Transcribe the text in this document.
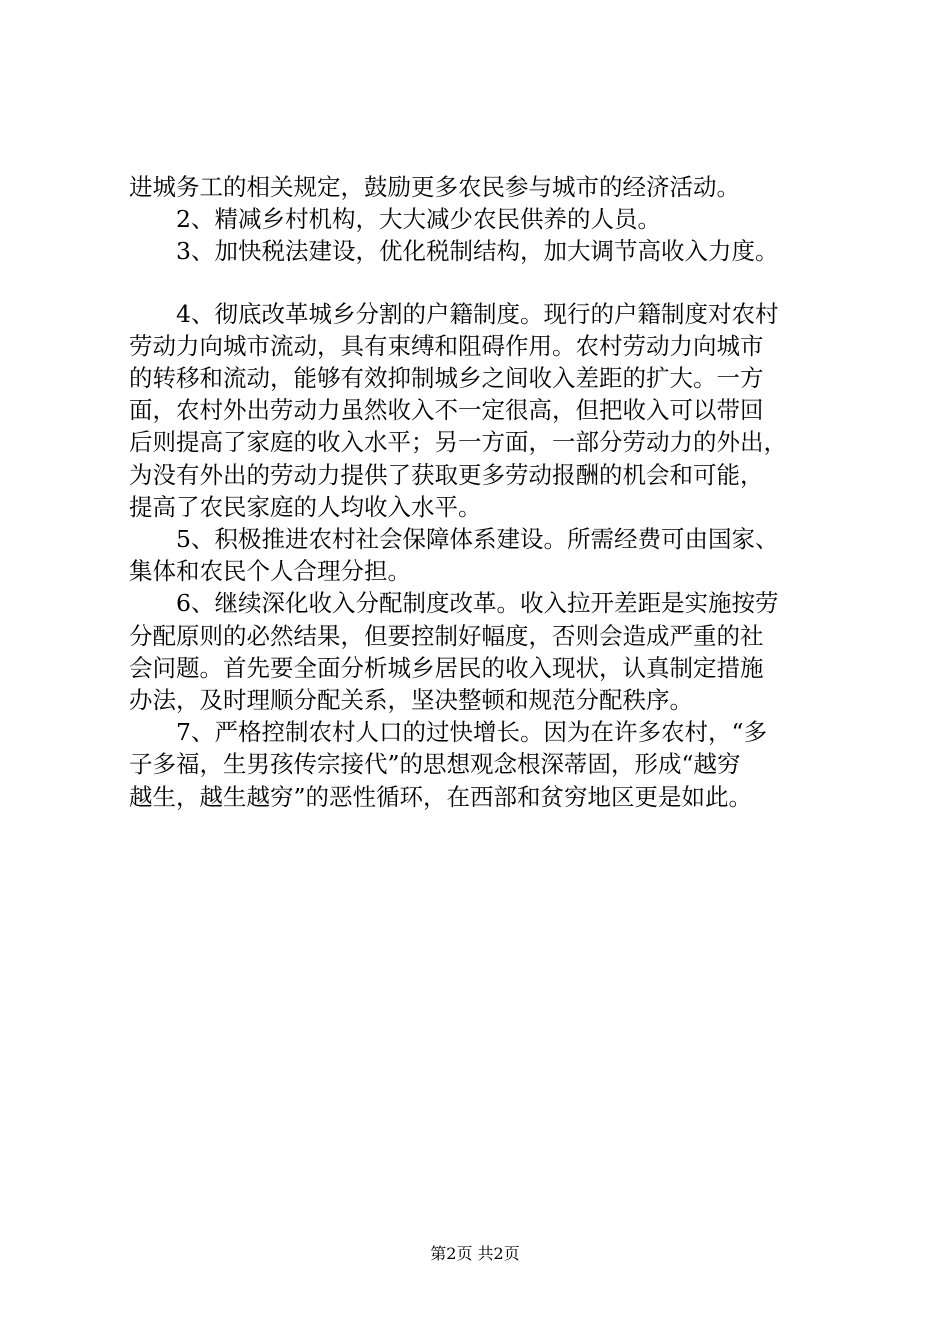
进城务工的相关规定，鼓励更多农民参与城市的经济活动。

2、精减乡村机构，大大减少农民供养的人员。

3、加快税法建设，优化税制结构，加大调节高收入力度。

4、彻底改革城乡分割的户籍制度。现行的户籍制度对农村
劳动力向城市流动，具有束缚和阻碍作用。农村劳动力向城市
的转移和流动，能够有效抑制城乡之间收入差距的扩大。一方
面，农村外出劳动力虽然收入不一定很高，但把收入可以带回
后则提高了家庭的收入水平；另一方面，一部分劳动力的外出，
为没有外出的劳动力提供了获取更多劳动报酬的机会和可能，
提高了农民家庭的人均收入水平。

5、积极推进农村社会保障体系建设。所需经费可由国家、
集体和农民个人合理分担。

6、继续深化收入分配制度改革。收入拉开差距是实施按劳
分配原则的必然结果，但要控制好幅度，否则会造成严重的社
会问题。首先要全面分析城乡居民的收入现状，认真制定措施
办法，及时理顺分配关系，坚决整顿和规范分配秩序。

7、严格控制农村人口的过快增长。因为在许多农村，“多
子多福，生男孩传宗接代”的思想观念根深蒂固，形成“越穷
越生，越生越穷”的恶性循环，在西部和贫穷地区更是如此。

第2页 共2页
